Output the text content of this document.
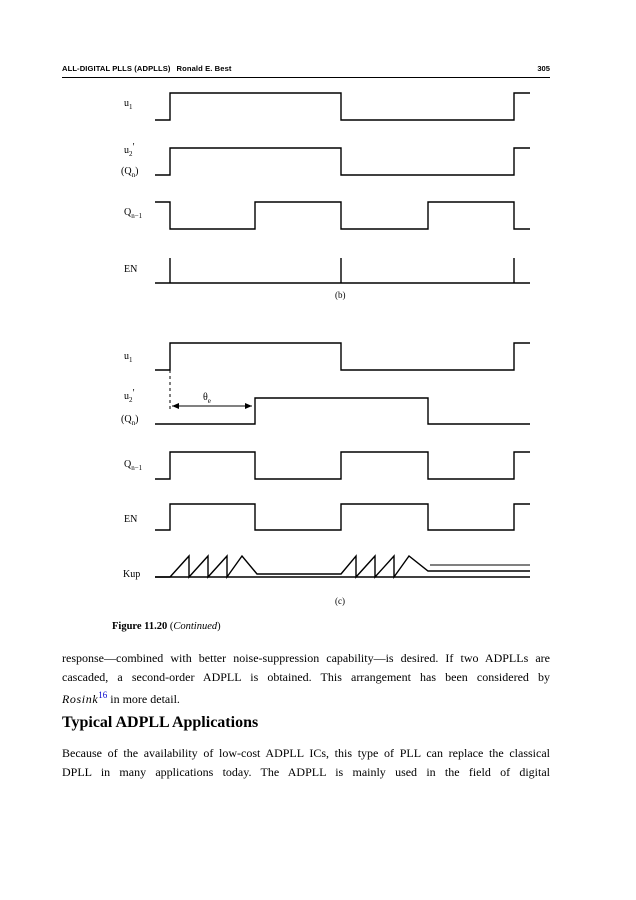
ALL-DIGITAL PLLS (ADPLLS) Ronald E. Best	305
$u_1$
$u_2'$
$(Q_n)$
$Q_{n-1}$
EN
(b)
$u_1$
$\theta_e$
$u_2'$
$(Q_n)$
$Q_{n-1}$
EN
Kup
(c)
Figure 11.20 (Continued)
response—combined with better noise-suppression capability—is desired. If two ADPLLs are
cascaded, a second-order ADPLL is obtained. This arrangement has been considered by
Rosink$^{16}$ in more detail.
Typical ADPLL Applications
Because of the availability of low-cost ADPLL ICs, this type of PLL can replace the classical
DPLL in many applications today. The ADPLL is mainly used in the field of digital
